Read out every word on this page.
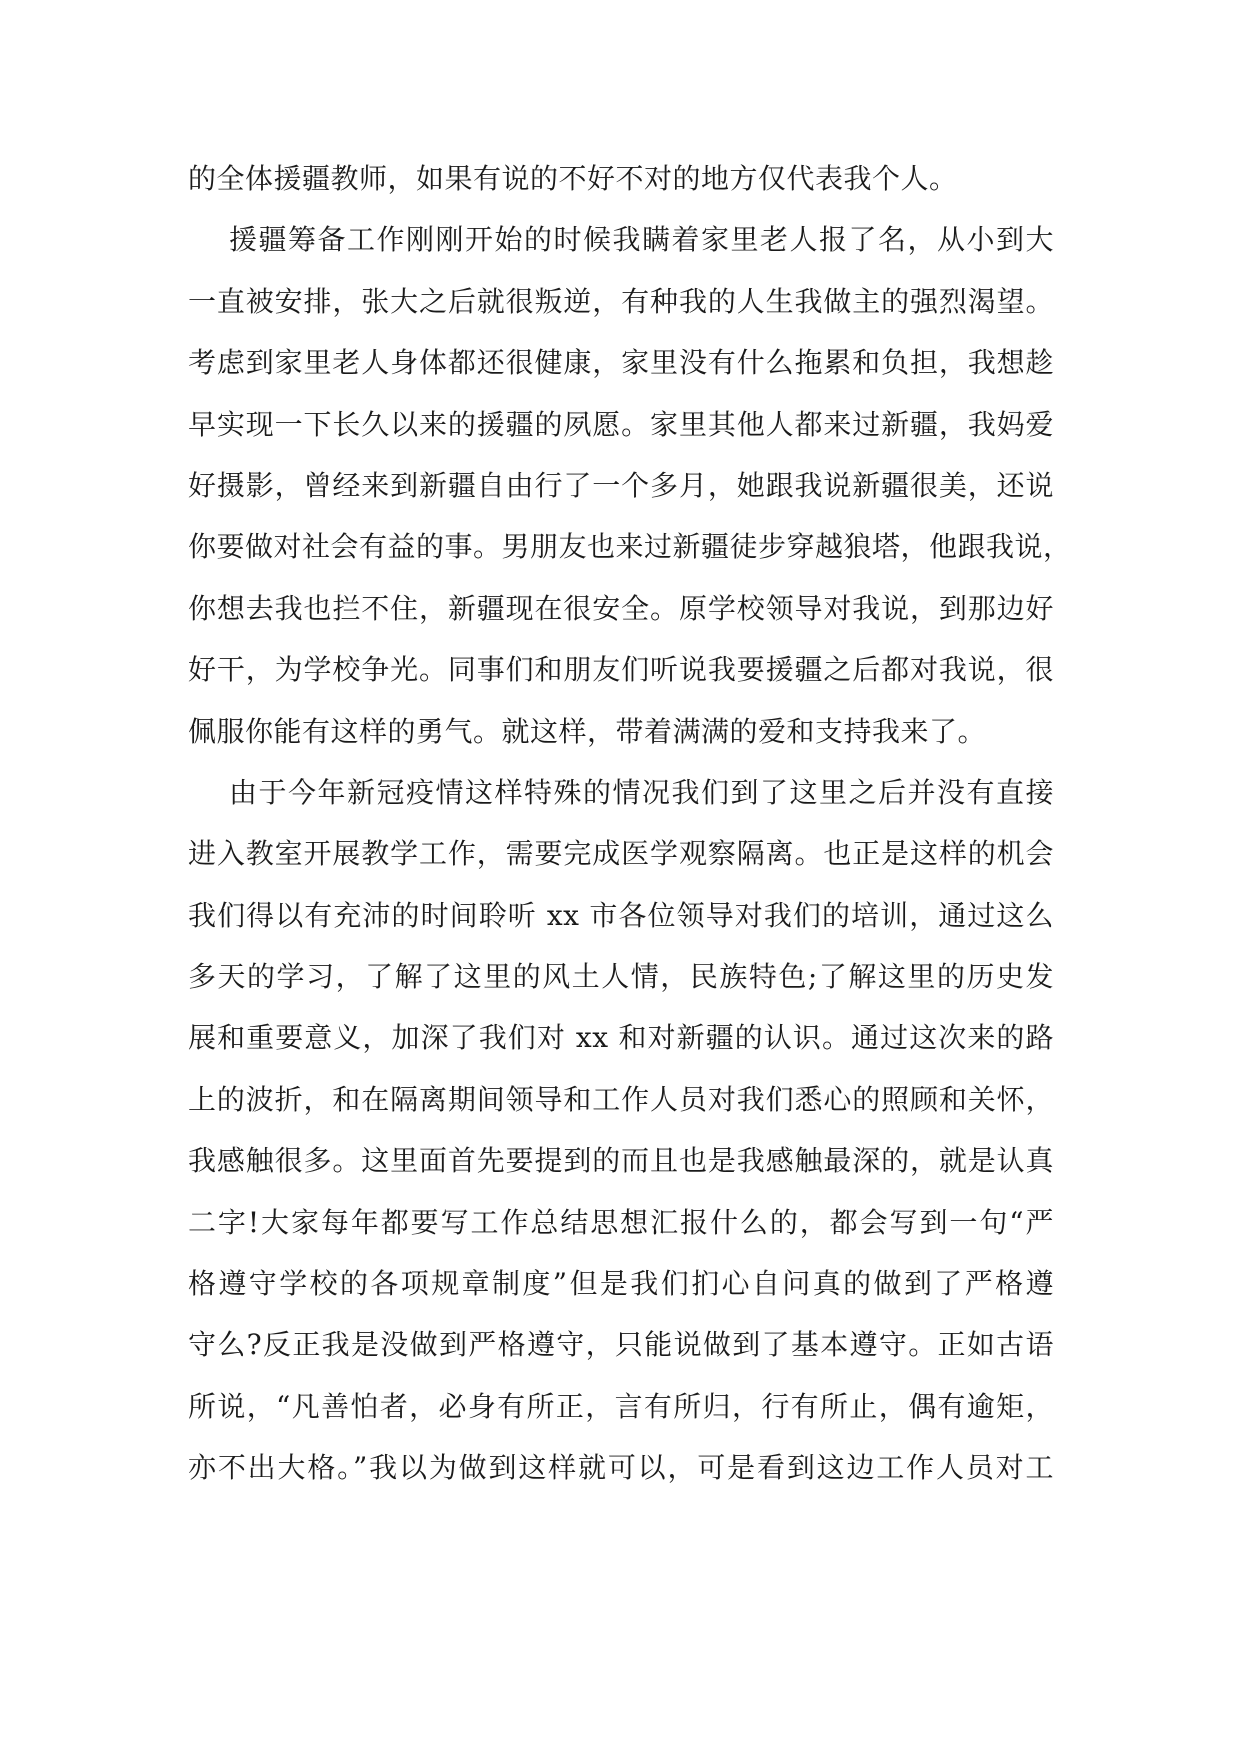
的全体援疆教师，如果有说的不好不对的地方仅代表我个人。
援疆筹备工作刚刚开始的时候我瞒着家里老人报了名，从小到大
一直被安排，张大之后就很叛逆，有种我的人生我做主的强烈渴望。
考虑到家里老人身体都还很健康，家里没有什么拖累和负担，我想趁
早实现一下长久以来的援疆的夙愿。家里其他人都来过新疆，我妈爱
好摄影，曾经来到新疆自由行了一个多月，她跟我说新疆很美，还说
你要做对社会有益的事。男朋友也来过新疆徒步穿越狼塔，他跟我说，
你想去我也拦不住，新疆现在很安全。原学校领导对我说，到那边好
好干，为学校争光。同事们和朋友们听说我要援疆之后都对我说，很
佩服你能有这样的勇气。就这样，带着满满的爱和支持我来了。
由于今年新冠疫情这样特殊的情况我们到了这里之后并没有直接
进入教室开展教学工作，需要完成医学观察隔离。也正是这样的机会
我们得以有充沛的时间聆听 xx 市各位领导对我们的培训，通过这么
多天的学习，了解了这里的风土人情，民族特色;了解这里的历史发
展和重要意义，加深了我们对 xx 和对新疆的认识。通过这次来的路
上的波折，和在隔离期间领导和工作人员对我们悉心的照顾和关怀，
我感触很多。这里面首先要提到的而且也是我感触最深的，就是认真
二字!大家每年都要写工作总结思想汇报什么的，都会写到一句“严
格遵守学校的各项规章制度”但是我们扪心自问真的做到了严格遵
守么?反正我是没做到严格遵守，只能说做到了基本遵守。正如古语
所说，“凡善怕者，必身有所正，言有所归，行有所止，偶有逾矩，
亦不出大格。”我以为做到这样就可以，可是看到这边工作人员对工
